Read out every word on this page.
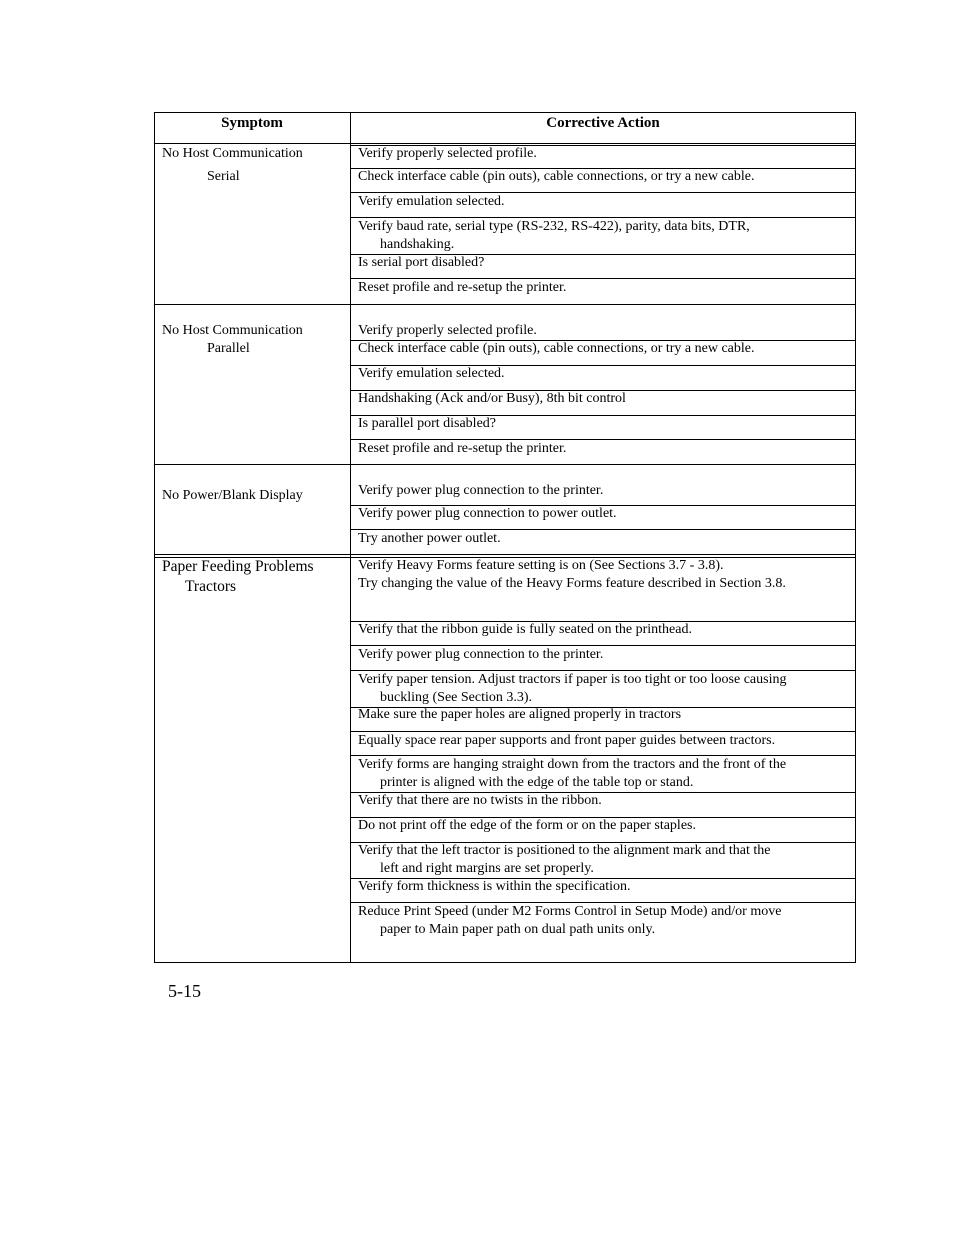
Symptom	Corrective Action
No Host Communication
Serial
Verify properly selected profile.
Check interface cable (pin outs), cable connections, or try a new cable.
Verify emulation selected.
Verify baud rate, serial type (RS-232, RS-422), parity, data bits, DTR,
handshaking.
Is serial port disabled?
Reset profile and re-setup the printer.
No Host Communication
Parallel
Verify properly selected profile.
Check interface cable (pin outs), cable connections, or try a new cable.
Verify emulation selected.
Handshaking (Ack and/or Busy), 8th bit control
Is parallel port disabled?
Reset profile and re-setup the printer.
No Power/Blank Display	Verify power plug connection to the printer.
Verify power plug connection to power outlet.
Try another power outlet.
Paper Feeding Problems
Tractors
Verify Heavy Forms feature setting is on (See Sections 3.7 - 3.8).
Try changing the value of the Heavy Forms feature described in Section 3.8.
Verify that the ribbon guide is fully seated on the printhead.
Verify power plug connection to the printer.
Verify paper tension. Adjust tractors if paper is too tight or too loose causing
buckling (See Section 3.3).
Make sure the paper holes are aligned properly in tractors
Equally space rear paper supports and front paper guides between tractors.
Verify forms are hanging straight down from the tractors and the front of the
printer is aligned with the edge of the table top or stand.
Verify that there are no twists in the ribbon.
Do not print off the edge of the form or on the paper staples.
Verify that the left tractor is positioned to the alignment mark and that the
left and right margins are set properly.
Verify form thickness is within the specification.
Reduce Print Speed (under M2 Forms Control in Setup Mode) and/or move
paper to Main paper path on dual path units only.
5-15
